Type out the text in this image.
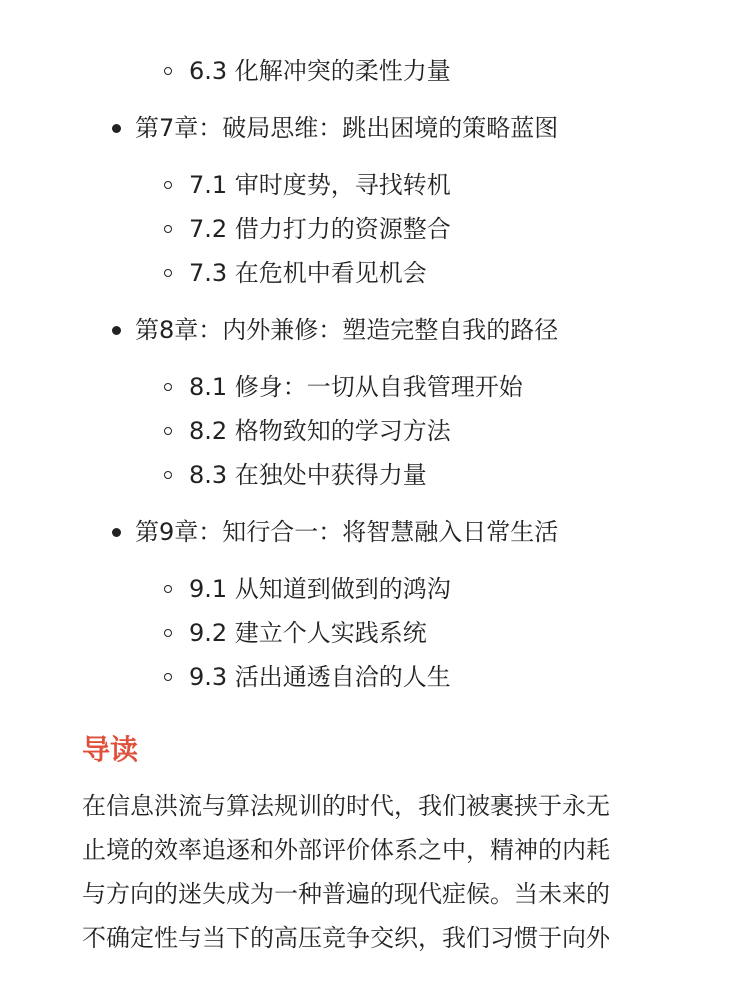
6.3 化解冲突的柔性力量
第7章：破局思维：跳出困境的策略蓝图
7.1 审时度势，寻找转机
7.2 借力打力的资源整合
7.3 在危机中看见机会
第8章：内外兼修：塑造完整自我的路径
8.1 修身：一切从自我管理开始
8.2 格物致知的学习方法
8.3 在独处中获得力量
第9章：知行合一：将智慧融入日常生活
9.1 从知道到做到的鸿沟
9.2 建立个人实践系统
9.3 活出通透自洽的人生
导读
在信息洪流与算法规训的时代，我们被裹挟于永无
止境的效率追逐和外部评价体系之中，精神的内耗
与方向的迷失成为一种普遍的现代症候。当未来的
不确定性与当下的高压竞争交织，我们习惯于向外
